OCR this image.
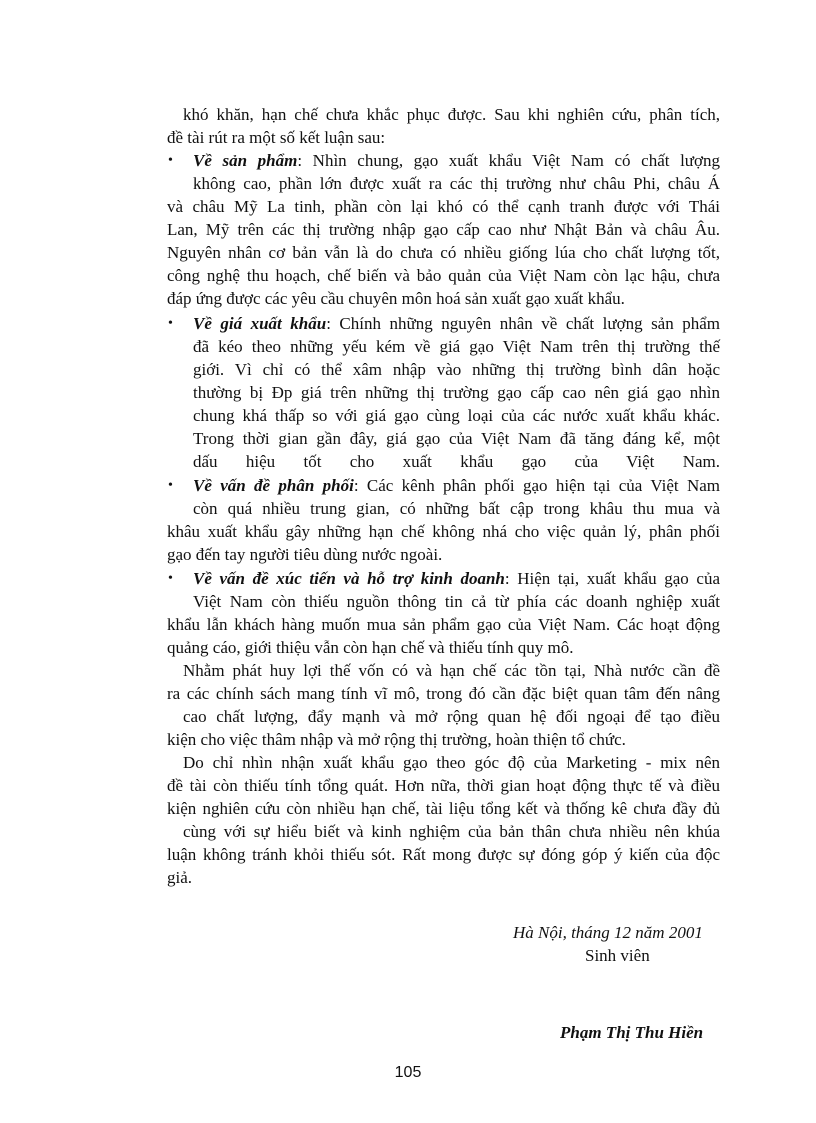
khó khăn, hạn chế chưa khắc phục được. Sau khi nghiên cứu, phân tích,
đề tài rút ra một số kết luận sau:
• Về sản phẩm: Nhìn chung, gạo xuất khẩu Việt Nam có chất lượng
không cao, phần lớn được xuất ra các thị trường như châu Phi, châu Á
và châu Mỹ La tinh, phần còn lại khó có thể cạnh tranh được với Thái
Lan, Mỹ trên các thị trường nhập gạo cấp cao như Nhật Bản và châu Âu.
Nguyên nhân cơ bản vẫn là do chưa có nhiều giống lúa cho chất lượng tốt,
công nghệ thu hoạch, chế biến và bảo quản của Việt Nam còn lạc hậu, chưa
đáp ứng được các yêu cầu chuyên môn hoá sản xuất gạo xuất khẩu.
• Về giá xuất khẩu: Chính những nguyên nhân về chất lượng sản phẩm
đã kéo theo những yếu kém về giá gạo Việt Nam trên thị trường thế
giới. Vì chỉ có thể xâm nhập vào những thị trường bình dân hoặc
thường bị Ðp giá trên những thị trường gạo cấp cao nên giá gạo nhìn
chung khá thấp so với giá gạo cùng loại của các nước xuất khẩu khác.
Trong thời gian gần đây, giá gạo của Việt Nam đã tăng đáng kể, một
dấu hiệu tốt cho xuất khẩu gạo của Việt Nam.
• Về vấn đề phân phối: Các kênh phân phối gạo hiện tại của Việt Nam
còn quá nhiều trung gian, có những bất cập trong khâu thu mua và
khâu xuất khẩu gây những hạn chế không nhá cho việc quản lý, phân phối
gạo đến tay người tiêu dùng nước ngoài.
• Về vấn đề xúc tiến và hỗ trợ kinh doanh: Hiện tại, xuất khẩu gạo của
Việt Nam còn thiếu nguồn thông tin cả từ phía các doanh nghiệp xuất
khẩu lẫn khách hàng muốn mua sản phẩm gạo của Việt Nam. Các hoạt động
quảng cáo, giới thiệu vẫn còn hạn chế và thiếu tính quy mô.
Nhằm phát huy lợi thế vốn có và hạn chế các tồn tại, Nhà nước cần đề
ra các chính sách mang tính vĩ mô, trong đó cần đặc biệt quan tâm đến nâng
cao chất lượng, đẩy mạnh và mở rộng quan hệ đối ngoại để tạo điều
kiện cho việc thâm nhập và mở rộng thị trường, hoàn thiện tổ chức.
Do chỉ nhìn nhận xuất khẩu gạo theo góc độ của Marketing - mix nên
đề tài còn thiếu tính tổng quát. Hơn nữa, thời gian hoạt động thực tế và điều
kiện nghiên cứu còn nhiều hạn chế, tài liệu tổng kết và thống kê chưa đầy đủ
cùng với sự hiểu biết và kinh nghiệm của bản thân chưa nhiều nên khúa
luận không tránh khỏi thiếu sót. Rất mong được sự đóng góp ý kiến của độc
giả.
Hà Nội, tháng 12 năm 2001
Sinh viên
Phạm Thị Thu Hiền
105
